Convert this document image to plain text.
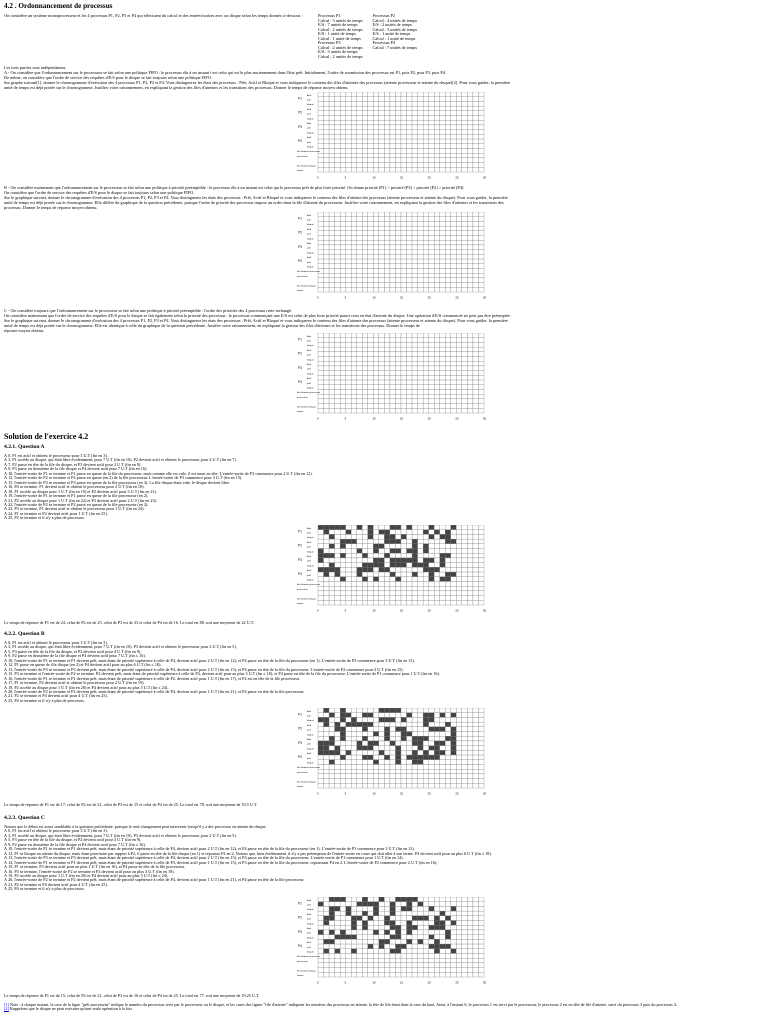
4.2 . Ordonnancement de processus

On considère un système monoprocesseur et les 4 processus P1, P2, P3 et P4 qui effectuent du calcul et des entrées/sorties avec un disque selon les temps donnés ci-dessous :	Processus P1	Processus P2
Calcul : 3 unités de temps	Calcul : 4 unités de temps
E/S : 7 unités de temps	E/S : 2 unités de temps
Calcul : 2 unités de temps	Calcul : 3 unités de temps
E/S : 1 unité de temps	E/S : 1 unité de temps
Calcul : 1 unité de temps	Calcul : 1 unité de temps
Processus P3	Processus P4
Calcul : 2 unités de temps	Calcul : 7 unités de temps
E/S : 3 unités de temps	
Calcul : 2 unités de temps	

Les trois parties sont indépendantes.

A - On considère que l'ordonnancement sur le processeur se fait selon une politique FIFO : le processus élu à un instant t est celui qui est le plus anciennement dans l'état prêt. Initialement, l'ordre de soumission des processus est P1, puis P2, puis P3, puis P4.

De même, on considère que l'ordre de service des requêtes d'E/S pour le disque se fait toujours selon une politique FIFO.

Sur graphe suivant[1], donner le chronogramme d'exécution des 4 processus P1, P2, P3 et P4. Vous distinguerez les états des processus : Prêt, Actif et Bloqué et vous indiquerez le contenu des files d'attentes des processus (attente processeur et attente du disque)[2]. Pour vous guider, la première

unité de temps est déjà portée sur le chronogramme. Justifier votre raisonnement, en expliquant la gestion des files d'attentes et les transitions des processus. Donner le temps de réponse moyen obtenu.

P1
Actif
prêt
bloqué
P2
Actif
prêt
bloqué
P3
Actif
prêt
bloqué
P4
Actif
prêt
bloqué
file d'attente processeur
processeur
file d'attente disque
disque
0	5	10	15	20	25	30

B - On considère maintenant que l'ordonnancement sur le processeur se fait selon une politique à priorité préemptible : le processus élu à un instant est celui qui le processus prêt de plus forte priorité. On donne priorité (P1) > priorité (P3) > priorité (P2) > priorité (P4).

On considère que l'ordre de service des requêtes d'E/S pour le disque se fait toujours selon une politique FIFO.

Sur le graphique suivant, donner le chronogramme d'exécution des 4 processus P1, P2, P3 et P4. Vous distinguerez les états des processus : Prêt, Actif et Bloqué et vous indiquerez le contenu des files d'attente des processus (attente processeur et attente du disque). Pour vous guider, la première

unité de temps est déjà portée sur le chronogramme. Elle diffère du graphique de la question précédente, puisque l'ordre de priorité des processus impose un ordre dans la file d'attente du processeur. Justifier votre raisonnement, en expliquant la gestion des files d'attentes et les transitions des

processus. Donner le temps de réponse moyen obtenu.

P1
Actif
prêt
bloqué
P2
Actif
prêt
bloqué
P3
Actif
prêt
bloqué
P4
Actif
prêt
bloqué
file d'attente processeur
processeur
file d'attente disque
disque
0	5	10	15	20	25	30

C - On considère toujours que l'ordonnancement sur le processeur se fait selon une politique à priorité préemptible : l'ordre des priorités des 4 processus reste inchangé.

On considère maintenant que l'ordre de service des requêtes d'E/S pour le disque se fait également selon la priorité des processus : le processus commençant une E/S est celui de plus forte priorité parmi ceux en état d'attente du disque. Une opération d'E/S commencée ne peut pas être préemptée.

Sur le graphique suivant, donner le chronogramme d'exécution des 4 processus P1, P2, P3 et P4. Vous distinguerez les états des processus : Prêt, Actif et Bloqué et vous indiquerez le contenu des files d'attente des processus (attente processeur et attente du disque). Pour vous guider, la première

unité de temps est déjà portée sur le chronogramme. Elle est identique à celle du graphique de la question précédente. Justifier votre raisonnement, en expliquant la gestion des files d'attentes et les transitions des processus. Donner le temps de

réponse moyen obtenu.

P1
Actif
prêt
bloqué
P2
Actif
prêt
bloqué
P3
Actif
prêt
bloqué
P4
Actif
prêt
bloqué
file d'attente processeur
processeur
file d'attente disque
disque
0	5	10	15	20	25	30
Solution de l'exercice 4.2
4.2.1. Question A

À 0, P1 est actif et obtient le processeur pour 3 U.T (fin en 3).

À 3, P1 accède au disque, qui était libre évidemment, pour 7 U.T (fin en 10). P2 devient actif et obtient le processeur pour 4 U.T (fin en 7).

À 7, P2 passe en tête de la file du disque, et P3 devient actif pour 2 U.T (fin en 9).

À 9, P3 passe en deuxième de la file disque et P4 devient actif pour 7 U.T (fin en 16).

À 10, l'entrée-sortie de P1 se termine et P1 passe en queue de la file du processeur, mais comme elle est vide, il est aussi en tête. L'entrée-sortie de P2 commence pour 2 U.T (fin en 12).

À 12, l'entrée-sortie de P2 se termine et P2 passe en queue (en 2) de la file processeur. L'entrée-sortie de P3 commence pour 3 U.T (fin en 15).

À 15, l'entrée-sortie de P3 se termine et P3 passe en queue de la file processeur (en 3). La file disque étant vide, le disque devient libre.

À 16, P4 se termine. P1 devient actif et obtient le processeur pour 2 U.T (fin en 18).

À 18, P1 accède au disque pour 1 U.T (fin en 19) et P2 devient actif pour 3 U.T (fin en 21).

À 19, l'entrée-sortie de P1 se termine et P1 passe en queue de la file processeur (en 2).

À 21, P2 accède au disque pour 1 U.T (fin en 22) et P3 devient actif pour 2 U.T (fin en 23).

À 22, l'entrée-sortie de P2 se termine et P2 passe en queue de la file processeur (en 2).

À 23, P3 se termine, P1 devient actif et obtient le processeur pour 1 U.T (fin en 24).

À 24, P1 se termine et P2 devient actif pour 1 U.T (fin en 25).

À 25, P2 se termine et il n'y a plus de processus.

P1
Actif
prêt
bloqué
P2
Actif
prêt
bloqué
P3
Actif
prêt
bloqué
P4
Actif
prêt
bloqué
file d'attente processeur
processeur
file d'attente disque
disque
0	5	10	15	20	25	30

Le temps de réponse de P1 est de 24, celui de P2 est de 25, celui de P3 est de 23 et celui de P4 est de 16. Le total est 88, soit une moyenne de 22 U.T.

4.2.2. Question B

À 0, P1 est actif et obtient le processeur pour 3 U.T (fin en 3).

À 3, P1 accède au disque, qui était libre évidemment, pour 7 U.T (fin en 10). P3 devient actif et obtient le processeur pour 2 U.T (fin en 5).

À 5, P3 passe en tête de la file du disque, et P2 devient actif pour 4 U.T (fin en 9).

À 9, P2 passe en deuxième de la file disque et P4 devient actif pour 7 U.T (fin ≤ 16).

À 10, l'entrée-sortie de P1 se termine et P1 devient prêt, mais étant de priorité supérieure à celle de P4, devient actif pour 2 U.T (fin en 12), et P4 passe en tête de la file du processeur (en 1). L'entrée-sortie de P3 commence pour 3 U.T (fin en 13).

À 12, P1 passe en queue de file disque (en 2) et P4 devient actif pour au plus 6 U.T (fin ≤ 18).

À 13, l'entrée-sortie de P3 se termine et P3 devient prêt, mais étant de priorité supérieure à celle de P4, devient actif pour 2 U.T (fin en 15), et P4 passe en tête de la file du processeur. L'entrée-sortie de P2 commence pour 2 U.T (fin en 15).

À 15, P3 se termine et l'entrée-sortie de P2 se termine. P2 devient prêt, mais étant de priorité supérieure à celle de P4, devient actif pour au plus 3 U.T (fin ≤ 18), et P4 passe en tête de la file du processeur. L'entrée-sortie de P1 commence pour 1 U.T (fin en 16).

À 16, l'entrée-sortie de P1 se termine et P1 devient prêt, mais étant de priorité supérieure à celle de P2, devient actif pour 1 U.T (fin en 17), et P2 est en tête de la file processeur.

À 17, P1 se termine, P2 devient actif et obtient le processeur pour 2 U.T (fin en 19).

À 19, P2 accède au disque pour 1 U.T (fin en 20) et P4 devient actif pour au plus 5 U.T (fin ≤ 24).

À 20, l'entrée-sortie de P2 se termine et P2 devient prêt, mais étant de priorité supérieure à celle de P4, devient actif pour 1 U.T (fin en 21), et P4 passe en tête de la file processeur.

À 21, P2 se termine et P4 devient actif pour 4 U.T (fin en 25).

À 25, P4 se termine et il n'y a plus de processus.

P1
Actif
prêt
bloqué
P2
Actif
prêt
bloqué
P3
Actif
prêt
bloqué
P4
Actif
prêt
bloqué
file d'attente processeur
processeur
file d'attente disque
disque
0	5	10	15	20	25	30

Le temps de réponse de P1 est de 17, celui de P2 est de 21, celui de P3 est de 15 et celui de P4 est de 25. Le total est 78, soit une moyenne de 19,5 U.T.

4.2.3. Question C

Notons que le début est assez semblable à la question précédente, puisque le seul changement peut intervenir lorsqu'il y a des processus en attente du disque.

À 0, P1 est actif et obtient le processeur pour 3 U.T (fin en 3).

À 3, P1 accède au disque, qui était libre évidemment, pour 7 U.T (fin en 10). P3 devient actif et obtient le processeur pour 2 U.T (fin en 5).

À 5, P3 passe en tête de la file du disque, et P2 devient actif pour 4 U.T (fin en 9).

À 9, P2 passe en deuxième de la file disque et P4 devient actif pour 7 U.T (fin ≤ 16).

À 10, l'entrée-sortie de P1 se termine et P1 devient prêt, mais étant de priorité supérieure à celle de P4, devient actif pour 2 U.T (fin en 12), et P4 passe en tête de la file du processeur (en 1). L'entrée-sortie de P3 commence pour 3 U.T (fin en 13).

À 12, P1 se bloque en attente du disque, mais étant prioritaire par rapport à P2, il passe en tête de la file disque (en 1) et repousse P2 en 2. Notons que, bien évidemment, il n'y a pas préemption de l'entrée-sortie en cours qui doit aller à son terme. P4 devient actif pour au plus 6 U.T (fin ≤ 18).

À 13, l'entrée-sortie de P3 se termine et P3 devient prêt, mais étant de priorité supérieure à celle de P4, devient actif pour 2 U.T (fin en 15), et P4 passe en tête de la file du processeur. L'entrée-sortie de P1 commence pour 1 U.T (fin en 14).

À 14, l'entrée-sortie de P1 se termine et P1 devient prêt, mais étant de priorité supérieure à celle de P3, devient actif pour 1 U.T (fin en 15), et P3 passe en tête de la file du processeur, repoussant P4 en 2. L'entrée-sortie de P2 commence pour 2 U.T (fin en 16).

À 15, P1 se termine, P3 devient actif pour au plus 1 U.T (fin en 16), et P4 passe en tête de la file processeur.

À 16, P3 se termine, l'entrée-sortie de P2 se termine et P2 devient actif pour au plus 3 U.T (fin en 19).

À 19, P2 accède au disque pour 1 U.T (fin en 20) et P4 devient actif pour au plus 5 U.T (fin ≤ 24).

À 20, l'entrée-sortie de P2 se termine et P2 devient prêt, mais étant de priorité supérieure à celle de P4, devient actif pour 1 U.T (fin en 21), et P4 passe en tête de la file processeur.

À 21, P2 se termine et P4 devient actif pour 4 U.T (fin en 25).

À 25, P4 se termine et il n'y a plus de processus.

P1
Actif
prêt
bloqué
P2
Actif
prêt
bloqué
P3
Actif
prêt
bloqué
P4
Actif
prêt
bloqué
file d'attente processeur
processeur
file d'attente disque
disque
0	5	10	15	20	25	30

Le temps de réponse de P1 est de 15, celui de P2 est de 21, celui de P3 est de 16 et celui de P4 est de 25. Le total est 77, soit une moyenne de 19,25 U.T.

[1] Note : à chaque instant, la case de la ligne "prêt processeur" indique le numéro du processus servi par le processeur ou le disque, et les cases des lignes "file d'attente" indiquent les numéros des processus en attente, la tête de file étant dans la case du haut. Ainsi, à l'instant 0, le processus 1 est servi par le processeur, le processus 2 est en tête de file d'attente, suivi du processus 3 puis du processus 4.

[2] Rappelons que le disque ne peut exécuter qu'une seule opération à la fois.
